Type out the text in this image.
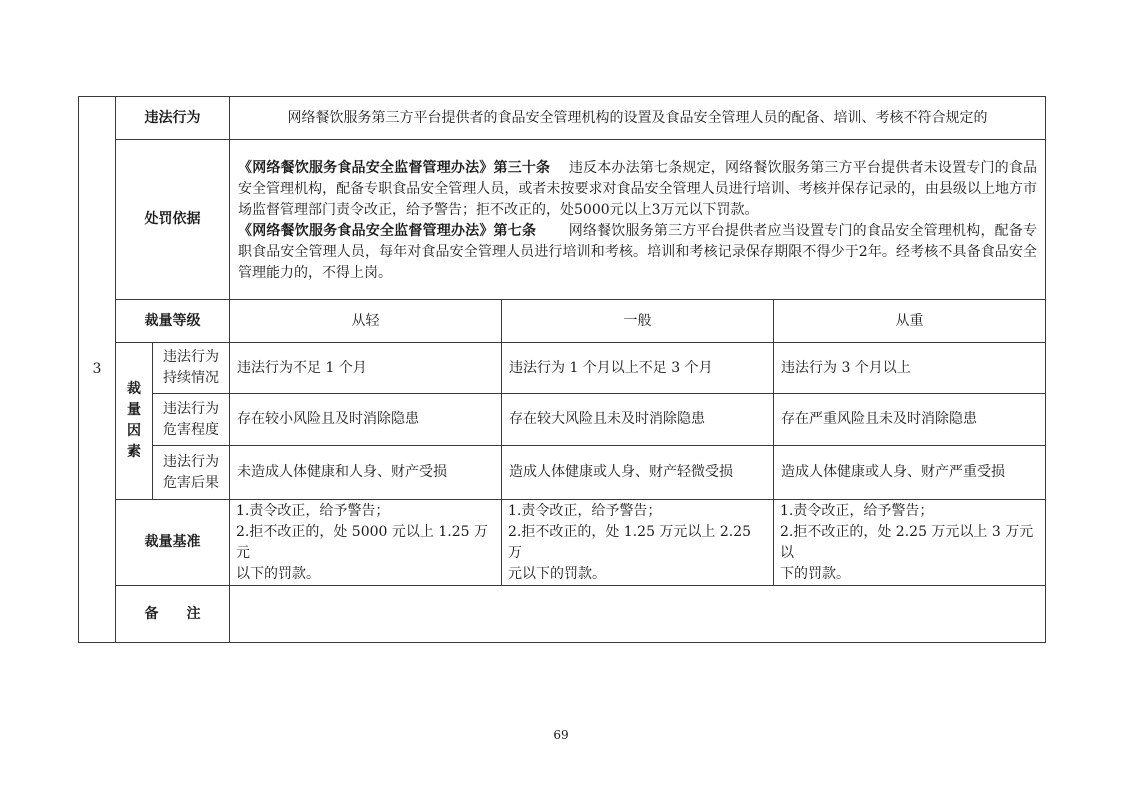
3	违法行为		网络餐饮服务第三方平台提供者的食品安全管理机构的设置及食品安全管理人员的配备、培训、考核不符合规定的		
	处罚依据		《网络餐饮服务食品安全监督管理办法》第三十条 违反本办法第七条规定，网络餐饮服务第三方平台提供者未设置专门的食品安全管理机构，配备专职食品安全管理人员，或者未按要求对食品安全管理人员进行培训、考核并保存记录的，由县级以上地方市场监督管理部门责令改正，给予警告；拒不改正的，处5000元以上3万元以下罚款。
《网络餐饮服务食品安全监督管理办法》第七条 网络餐饮服务第三方平台提供者应当设置专门的食品安全管理机构，配备专职食品安全管理人员，每年对食品安全管理人员进行培训和考核。培训和考核记录保存期限不得少于2年。经考核不具备食品安全管理能力的，不得上岗。		
	裁量等级		从轻	一般	从重

	裁
量
因
素	违法行为
持续情况	违法行为不足 1 个月	违法行为 1 个月以上不足 3 个月	违法行为 3 个月以上

		违法行为
危害程度	存在较小风险且及时消除隐患	存在较大风险且未及时消除隐患	存在严重风险且未及时消除隐患

		违法行为
危害后果	未造成人体健康和人身、财产受损	造成人体健康或人身、财产轻微受损	造成人体健康或人身、财产严重受损
	裁量基准		1.责令改正，给予警告；
2.拒不改正的，处 5000 元以上 1.25 万元
以下的罚款。	1.责令改正，给予警告；
2.拒不改正的，处 1.25 万元以上 2.25 万
元以下的罚款。	1.责令改正，给予警告；
2.拒不改正的，处 2.25 万元以上 3 万元以
下的罚款。

	备　　注				
69
